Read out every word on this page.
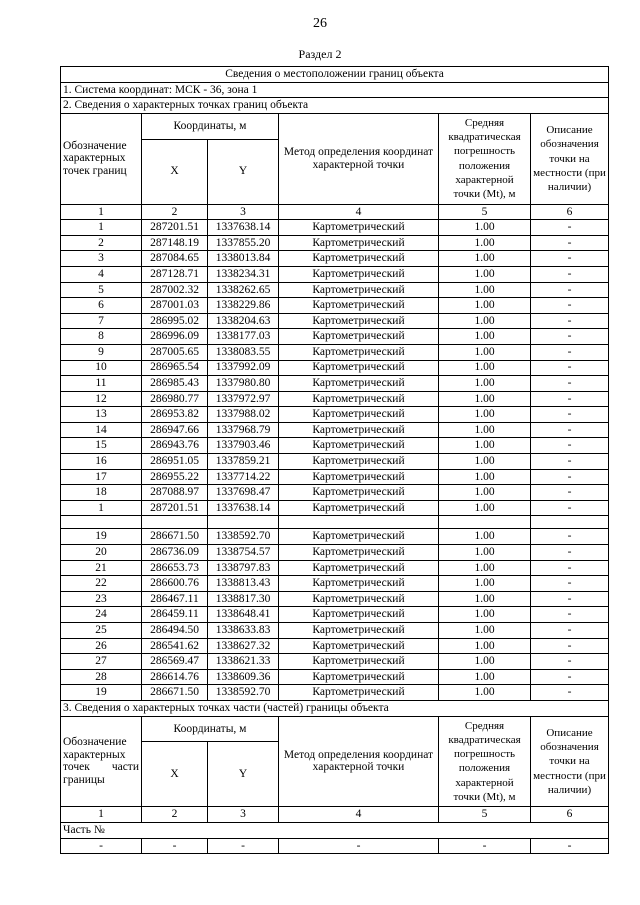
26
Раздел 2
Сведения о местоположении границ объекта					
1. Система координат: МСК - 36, зона 1					
2. Сведения о характерных точках границ объекта					
Обозначение характерных точек границ	Координаты, м		Метод определения координат характерной точки	Средняя квадратическая погрешность положения характерной точки (Mt), м	Описание обозначения точки на местности (при наличии)
	X	Y			
1	2	3	4	5	6
1	287201.51	1337638.14	Картометрический	1.00	-
2	287148.19	1337855.20	Картометрический	1.00	-
3	287084.65	1338013.84	Картометрический	1.00	-
4	287128.71	1338234.31	Картометрический	1.00	-
5	287002.32	1338262.65	Картометрический	1.00	-
6	287001.03	1338229.86	Картометрический	1.00	-
7	286995.02	1338204.63	Картометрический	1.00	-
8	286996.09	1338177.03	Картометрический	1.00	-
9	287005.65	1338083.55	Картометрический	1.00	-
10	286965.54	1337992.09	Картометрический	1.00	-
11	286985.43	1337980.80	Картометрический	1.00	-
12	286980.77	1337972.97	Картометрический	1.00	-
13	286953.82	1337988.02	Картометрический	1.00	-
14	286947.66	1337968.79	Картометрический	1.00	-
15	286943.76	1337903.46	Картометрический	1.00	-
16	286951.05	1337859.21	Картометрический	1.00	-
17	286955.22	1337714.22	Картометрический	1.00	-
18	287088.97	1337698.47	Картометрический	1.00	-
1	287201.51	1337638.14	Картометрический	1.00	-

19	286671.50	1338592.70	Картометрический	1.00	-
20	286736.09	1338754.57	Картометрический	1.00	-
21	286653.73	1338797.83	Картометрический	1.00	-
22	286600.76	1338813.43	Картометрический	1.00	-
23	286467.11	1338817.30	Картометрический	1.00	-
24	286459.11	1338648.41	Картометрический	1.00	-
25	286494.50	1338633.83	Картометрический	1.00	-
26	286541.62	1338627.32	Картометрический	1.00	-
27	286569.47	1338621.33	Картометрический	1.00	-
28	286614.76	1338609.36	Картометрический	1.00	-
19	286671.50	1338592.70	Картометрический	1.00	-
3. Сведения о характерных точках части (частей) границы объекта					
Обозначение характерных точек части границы	Координаты, м		Метод определения координат характерной точки	Средняя квадратическая погрешность положения характерной точки (Mt), м	Описание обозначения точки на местности (при наличии)
	X	Y			
1	2	3	4	5	6
Часть №					
-	-	-	-	-	-
